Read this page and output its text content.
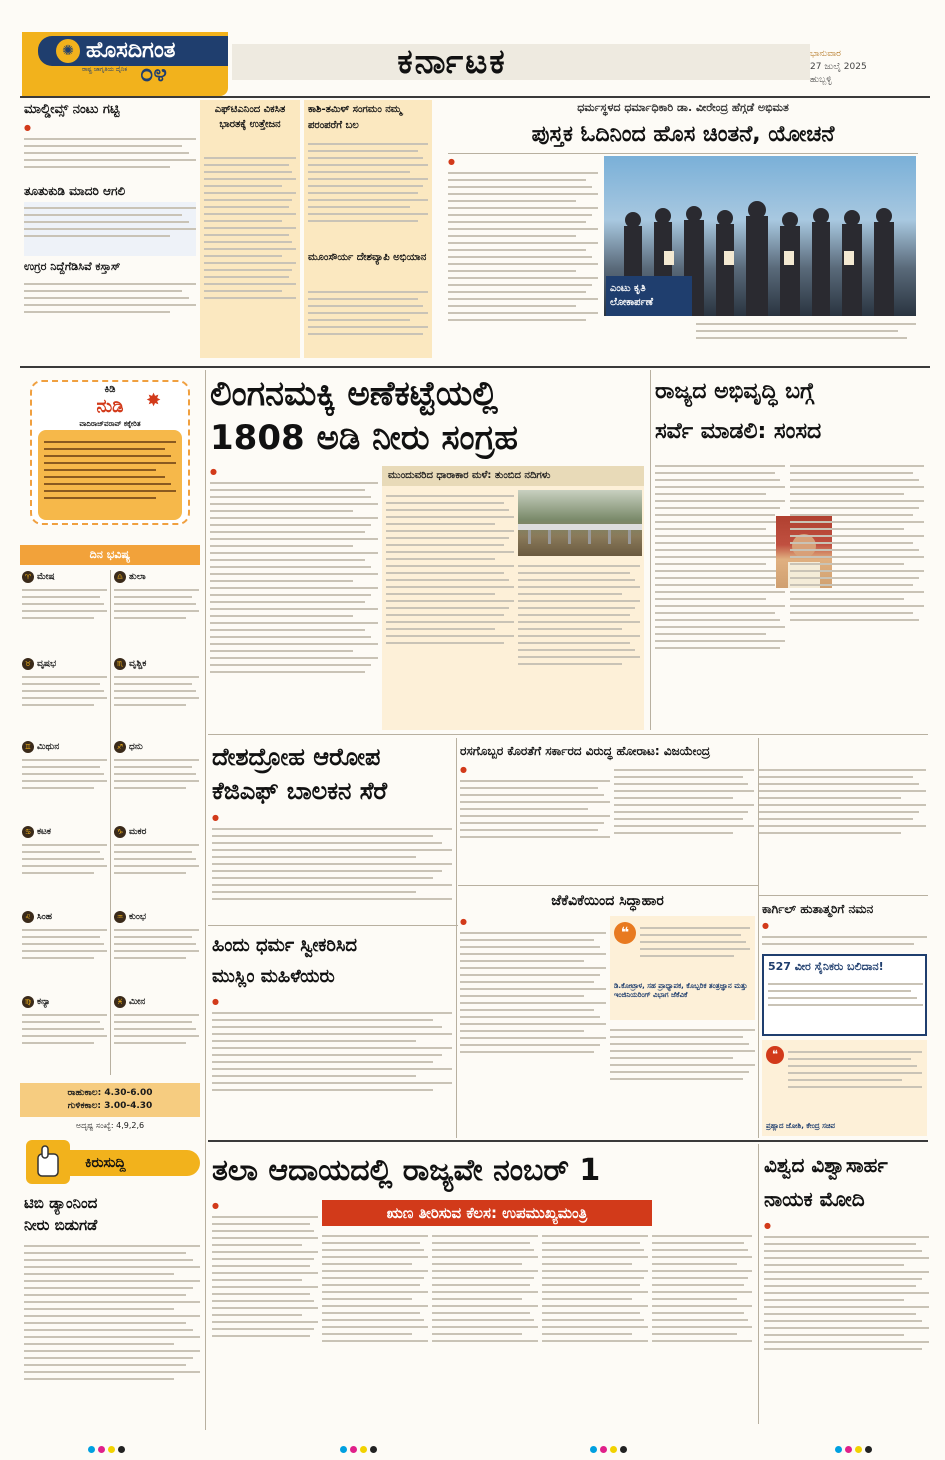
✺ ಹೊಸದಿಗಂತ
ರಾಷ್ಟ್ರ ಜಾಗೃತಿಯ ದೈನಿಕ ೦೪	ಕರ್ನಾಟಕ	ಭಾನುವಾರ
27 ಜುಲೈ 2025
ಹುಬ್ಬಳ್ಳಿ
ಮಾಲ್ಡೀವ್ಸ್ ನಂಟು ಗಟ್ಟಿ
●
ತೂತುಕುಡಿ ಮಾದರಿ ಆಗಲಿ
ಉಗ್ರರ ನಿದ್ದೆಗೆಡಿಸಿವೆ ಕಸ್ತಾಸ್
ಎಫ್‌ಟಿಎನಿಂದ ವಿಕಸಿತ ಭಾರತಕ್ಕೆ ಉತ್ತೇಜನ
ಕಾಶಿ-ತಮಿಳ್ ಸಂಗಮಂ ನಮ್ಮ ಪರಂಪರೆಗೆ ಬಲ
ಮೂಂಸೌರ್ಯ ದೇಶವ್ಯಾಪಿ ಅಭಿಯಾನ
ಧರ್ಮಸ್ಥಳದ ಧರ್ಮಾಧಿಕಾರಿ ಡಾ. ವೀರೇಂದ್ರ ಹೆಗ್ಗಡೆ ಅಭಿಮತ
ಪುಸ್ತಕ ಓದಿನಿಂದ ಹೊಸ ಚಿಂತನೆ, ಯೋಚನೆ
●
ಎಂಟು ಕೃತಿ ಲೋಕಾರ್ಪಣೆ
ಕಿಡಿ
ನುಡಿ	✸
ವಾದಿರಾಜ್‌ವರಾವ್ ಕಕ್ಕೇರಿತ
ದಿನ ಭವಿಷ್ಯ
♈ ಮೇಷ	♎ ತುಲಾ
♉ ವೃಷಭ	♏ ವೃಶ್ಚಿಕ
♊ ಮಿಥುನ	♐ ಧನು
♋ ಕಟಕ	♑ ಮಕರ
♌ ಸಿಂಹ	♒ ಕುಂಭ
♍ ಕನ್ಯಾ	♓ ಮೀನ
ರಾಹುಕಾಲ: 4.30-6.00
ಗುಳಿಕಕಾಲ: 3.00-4.30
ಅದೃಷ್ಟ ಸಂಖ್ಯೆ: 4,9,2,6
ಕಿರುಸುದ್ದಿ
ಟಿಬಿ ಡ್ಯಾಂನಿಂದ
ನೀರು ಬಿಡುಗಡೆ
ಲಿಂಗನಮಕ್ಕಿ ಅಣೆಕಟ್ಟೆಯಲ್ಲಿ
1808 ಅಡಿ ನೀರು ಸಂಗ್ರಹ
●	ಮುಂದುವರಿದ ಧಾರಾಕಾರ ಮಳೆ: ತುಂಬಿದ ನದಿಗಳು
ರಾಜ್ಯದ ಅಭಿವೃದ್ಧಿ ಬಗ್ಗೆ
ಸರ್ವೆ ಮಾಡಲಿ: ಸಂಸದ
ದೇಶದ್ರೋಹ ಆರೋಪ
ಕೆಜಿಎಫ್ ಬಾಲಕನ ಸೆರೆ
●
ಹಿಂದು ಧರ್ಮ ಸ್ವೀಕರಿಸಿದ
ಮುಸ್ಲಿಂ ಮಹಿಳೆಯರು
●
ರಸಗೊಬ್ಬರ ಕೊರತೆಗೆ ಸರ್ಕಾರದ ವಿರುದ್ಧ ಹೋರಾಟ: ವಿಜಯೇಂದ್ರ
●
ಜೆಕೆವಿಕೆಯಿಂದ ಸಿದ್ಧಾಹಾರ
●
❝
ಡಿ.ಕೋಟ್ರಾಳ, ಸಹ ಪ್ರಾಧ್ಯಾಪಕ, ಕೊಬ್ಬರಿಕ ತಂತ್ರಜ್ಞಾನ ಮತ್ತು ಇಂಜಿನಿಯರಿಂಗ್ ವಿಭಾಗ ಜೆಕೆವಿಕೆ
ಕಾರ್ಗಿಲ್ ಹುತಾತ್ಮರಿಗೆ ನಮನ
●
527 ವೀರ ಸೈನಿಕರು ಬಲಿದಾನ!
❝
ಪ್ರಹ್ಲಾದ ಜೋಶಿ, ಕೇಂದ್ರ ಸಚಿವ
ತಲಾ ಆದಾಯದಲ್ಲಿ ರಾಜ್ಯವೇ ನಂಬರ್ 1
ಋಣ ತೀರಿಸುವ ಕೆಲಸ: ಉಪಮುಖ್ಯಮಂತ್ರಿ
●
ವಿಶ್ವದ ವಿಶ್ವಾಸಾರ್ಹ
ನಾಯಕ ಮೋದಿ
●
